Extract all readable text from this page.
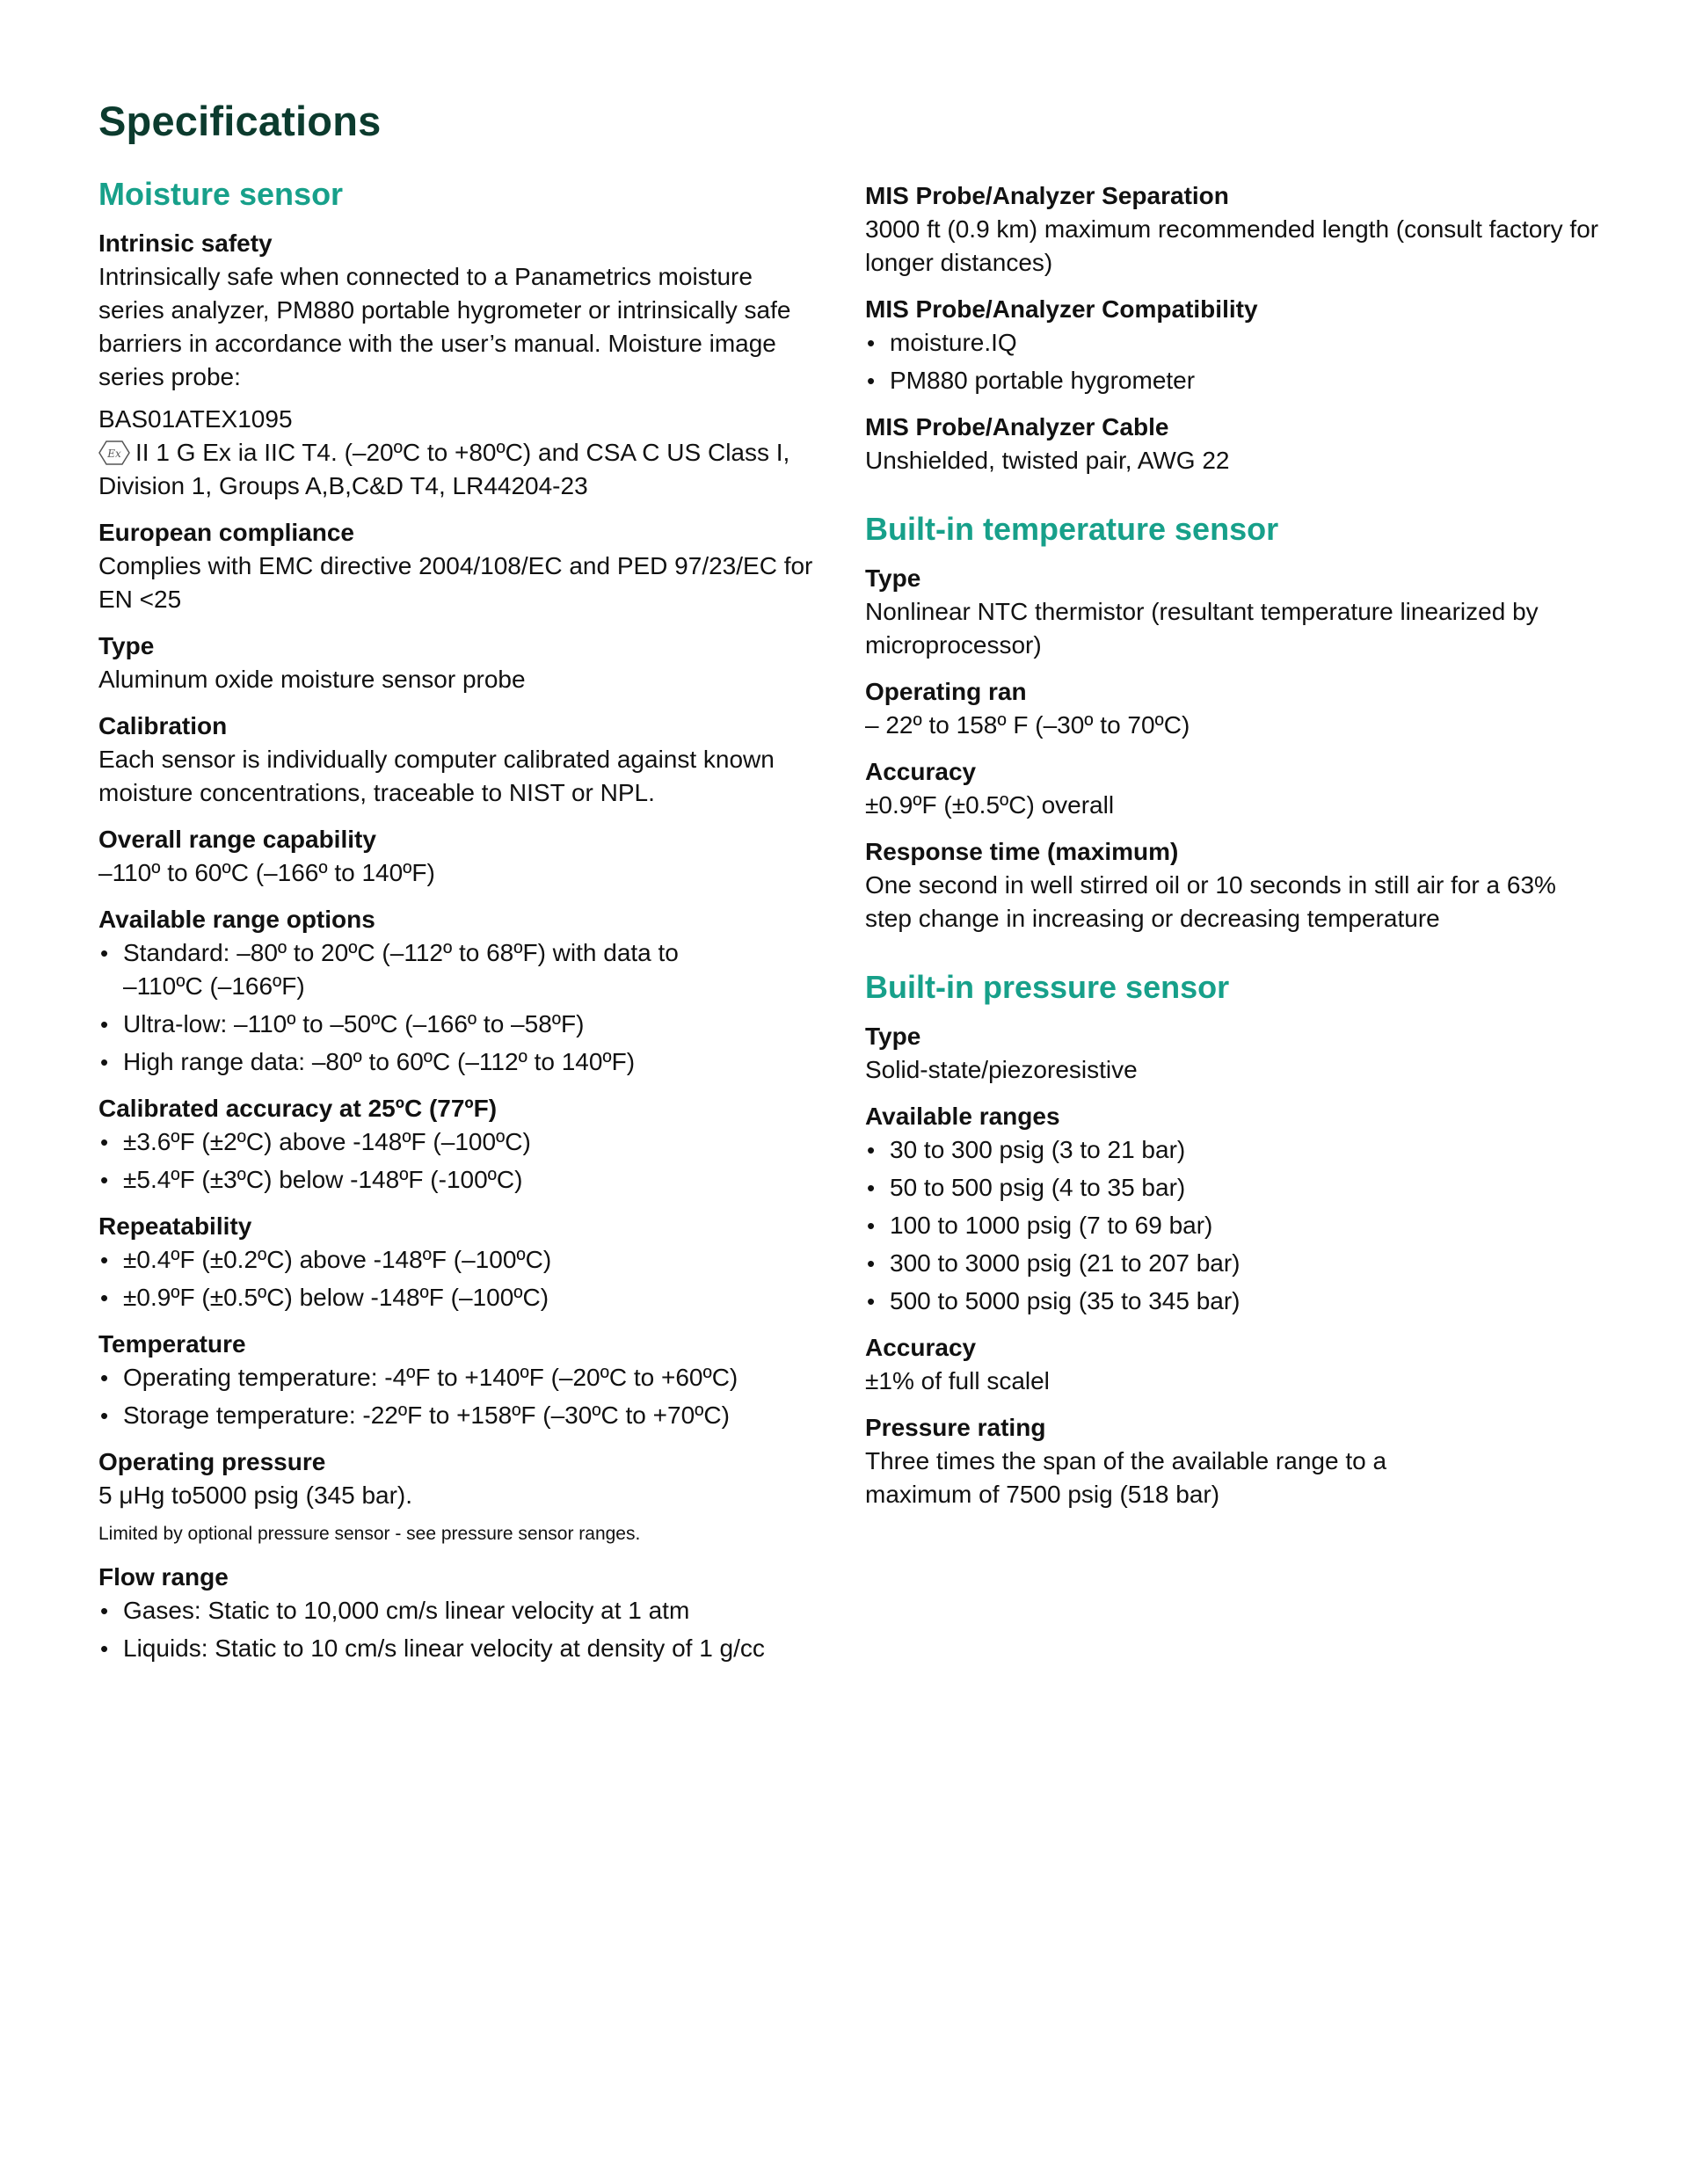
Specifications
Moisture sensor
Intrinsic safety

Intrinsically safe when connected to a Panametrics moisture series analyzer, PM880 portable hygrometer or intrinsically safe barriers in accordance with the user’s manual. Moisture image series probe:

BAS01ATEX1095

Ex II 1 G Ex ia IIC T4. (–20ºC to +80ºC) and CSA C US Class I, Division 1, Groups A,B,C&D T4, LR44204-23

European compliance

Complies with EMC directive 2004/108/EC and PED 97/23/EC for EN <25

Type

Aluminum oxide moisture sensor probe

Calibration

Each sensor is individually computer calibrated against known moisture concentrations, traceable to NIST or NPL.

Overall range capability

–110º to 60ºC (–166º to 140ºF)

Available range options
• Standard: –80º to 20ºC (–112º to 68ºF) with data to –110ºC (–166ºF)
• Ultra-low: –110º to –50ºC (–166º to –58ºF)
• High range data: –80º to 60ºC (–112º to 140ºF)
Calibrated accuracy at 25ºC (77ºF)
• ±3.6ºF (±2ºC) above -148ºF (–100ºC)
• ±5.4ºF (±3ºC) below -148ºF (-100ºC)
Repeatability
• ±0.4ºF (±0.2ºC) above -148ºF (–100ºC)
• ±0.9ºF (±0.5ºC) below -148ºF (–100ºC)
Temperature
• Operating temperature: -4ºF to +140ºF (–20ºC to +60ºC)
• Storage temperature: -22ºF to +158ºF (–30ºC to +70ºC)
Operating pressure

5 μHg to5000 psig (345 bar).

Limited by optional pressure sensor - see pressure sensor ranges.
Flow range
• Gases: Static to 10,000 cm/s linear velocity at 1 atm
• Liquids: Static to 10 cm/s linear velocity at density of 1 g/cc
MIS Probe/Analyzer Separation

3000 ft (0.9 km) maximum recommended length (consult factory for longer distances)

MIS Probe/Analyzer Compatibility
• moisture.IQ
• PM880 portable hygrometer
MIS Probe/Analyzer Cable

Unshielded, twisted pair, AWG 22

Built-in temperature sensor
Type

Nonlinear NTC thermistor (resultant temperature linearized by microprocessor)

Operating ran

– 22º to 158º F (–30º to 70ºC)

Accuracy

±0.9ºF (±0.5ºC) overall

Response time (maximum)

One second in well stirred oil or 10 seconds in still air for a 63% step change in increasing or decreasing temperature

Built-in pressure sensor
Type

Solid-state/piezoresistive

Available ranges
• 30 to 300 psig (3 to 21 bar)
• 50 to 500 psig (4 to 35 bar)
• 100 to 1000 psig (7 to 69 bar)
• 300 to 3000 psig (21 to 207 bar)
• 500 to 5000 psig (35 to 345 bar)
Accuracy

±1% of full scalel

Pressure rating

Three times the span of the available range to a maximum of 7500 psig (518 bar)
